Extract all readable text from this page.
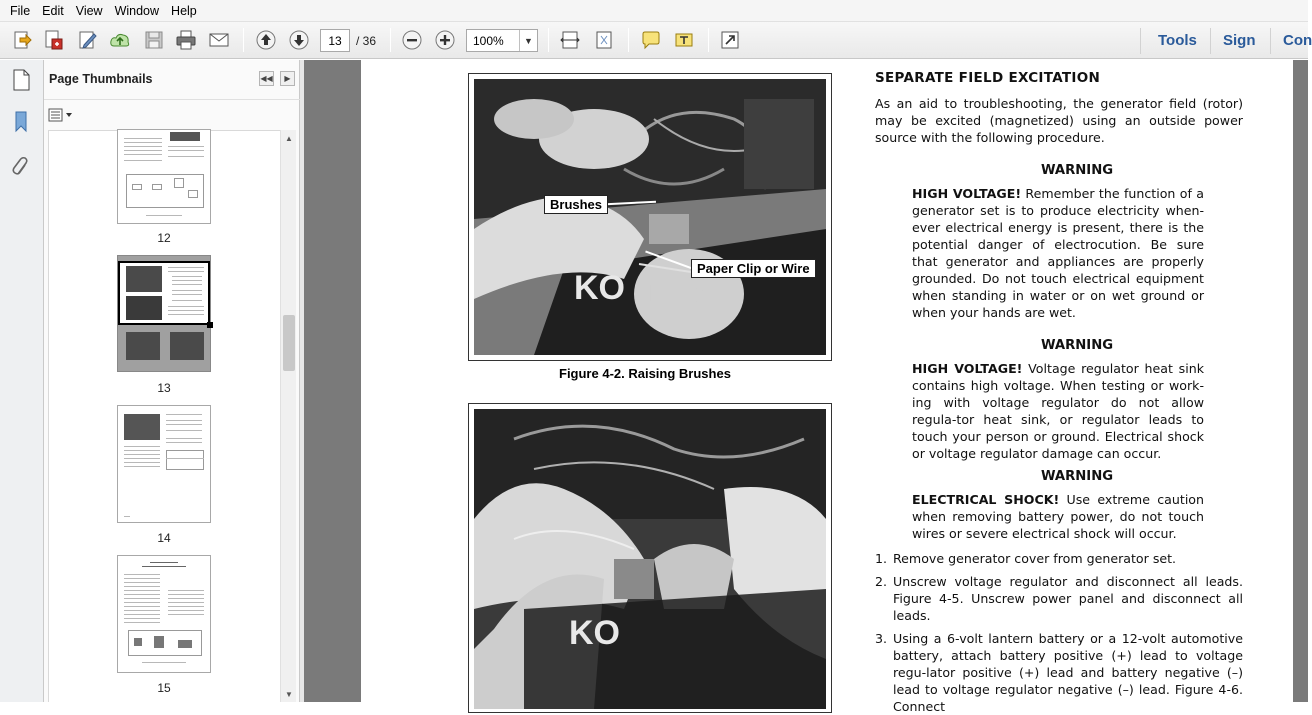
File Edit View Window Help
13
/ 36	100%	▼	Tools Sign Con
Page Thumbnails	◀◀	▶
12
13
14
15
▲
▼
KO LER
Brushes
Paper Clip or Wire
Figure 4-2. Raising Brushes
KO
SEPARATE FIELD EXCITATION
As an aid to troubleshooting, the generator field (rotor) may be excited (magnetized) using an outside power source with the following procedure.
WARNING
HIGH VOLTAGE! Remember the function of a generator set is to produce electricity when-ever electrical energy is present, there is the potential danger of electrocution. Be sure that generator and appliances are properly grounded. Do not touch electrical equipment when standing in water or on wet ground or when your hands are wet.
WARNING
HIGH VOLTAGE! Voltage regulator heat sink contains high voltage. When testing or work-ing with voltage regulator do not allow regula-tor heat sink, or regulator leads to touch your person or ground. Electrical shock or voltage regulator damage can occur.
WARNING
ELECTRICAL SHOCK! Use extreme caution when removing battery power, do not touch wires or severe electrical shock will occur.
1. Remove generator cover from generator set.
2. Unscrew voltage regulator and disconnect all leads. Figure 4-5. Unscrew power panel and disconnect all leads.
3. Using a 6-volt lantern battery or a 12-volt automotive battery, attach battery positive (+) lead to voltage regu-lator positive (+) lead and battery negative (–) lead to voltage regulator negative (–) lead. Figure 4-6. Connect
